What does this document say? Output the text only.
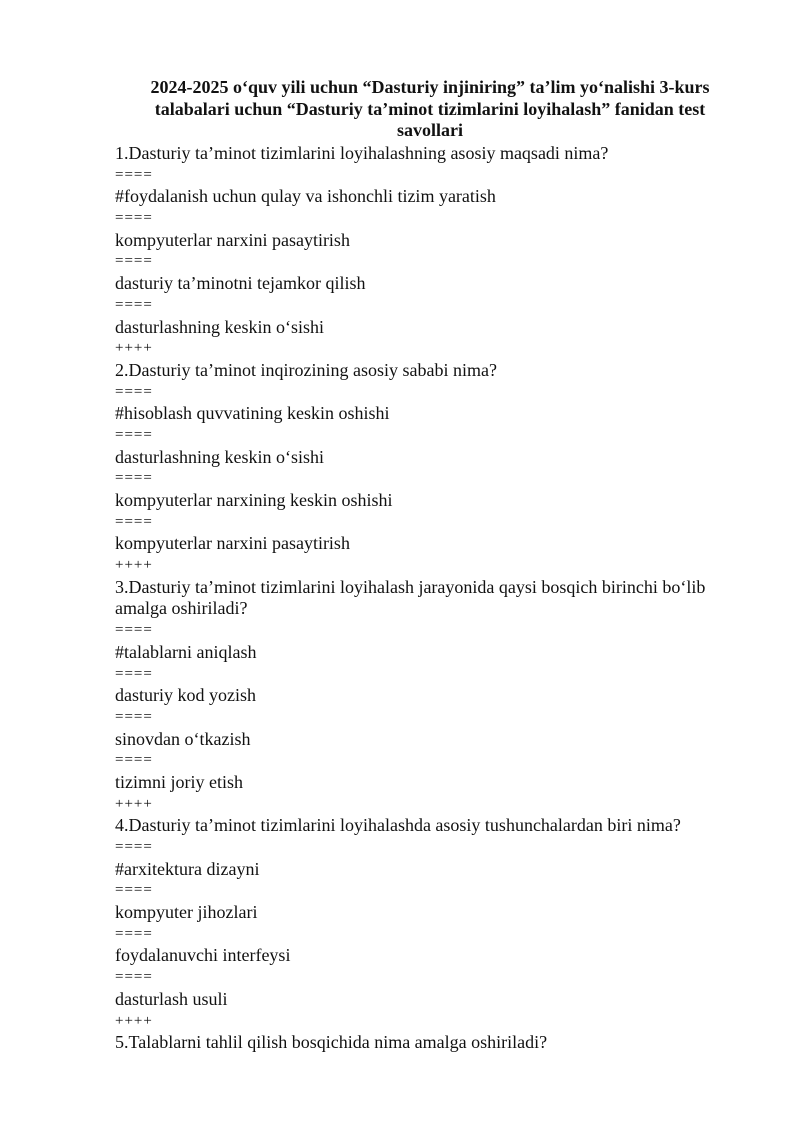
2024-2025 o‘quv yili uchun “Dasturiy injiniring” ta’lim yo‘nalishi 3-kurs talabalari uchun “Dasturiy ta’minot tizimlarini loyihalash” fanidan test savollari
1.Dasturiy ta’minot tizimlarini loyihalashning asosiy maqsadi nima?
====
#foydalanish uchun qulay va ishonchli tizim yaratish
====
kompyuterlar narxini pasaytirish
====
dasturiy ta’minotni tejamkor qilish
====
dasturlashning keskin o‘sishi
++++
2.Dasturiy ta’minot inqirozining asosiy sababi nima?
====
#hisoblash quvvatining keskin oshishi
====
dasturlashning keskin o‘sishi
====
kompyuterlar narxining keskin oshishi
====
kompyuterlar narxini pasaytirish
++++
3.Dasturiy ta’minot tizimlarini loyihalash jarayonida qaysi bosqich birinchi bo‘lib amalga oshiriladi?
====
#talablarni aniqlash
====
dasturiy kod yozish
====
sinovdan o‘tkazish
====
tizimni joriy etish
++++
4.Dasturiy ta’minot tizimlarini loyihalashda asosiy tushunchalardan biri nima?
====
#arxitektura dizayni
====
kompyuter jihozlari
====
foydalanuvchi interfeysi
====
dasturlash usuli
++++
5.Talablarni tahlil qilish bosqichida nima amalga oshiriladi?
